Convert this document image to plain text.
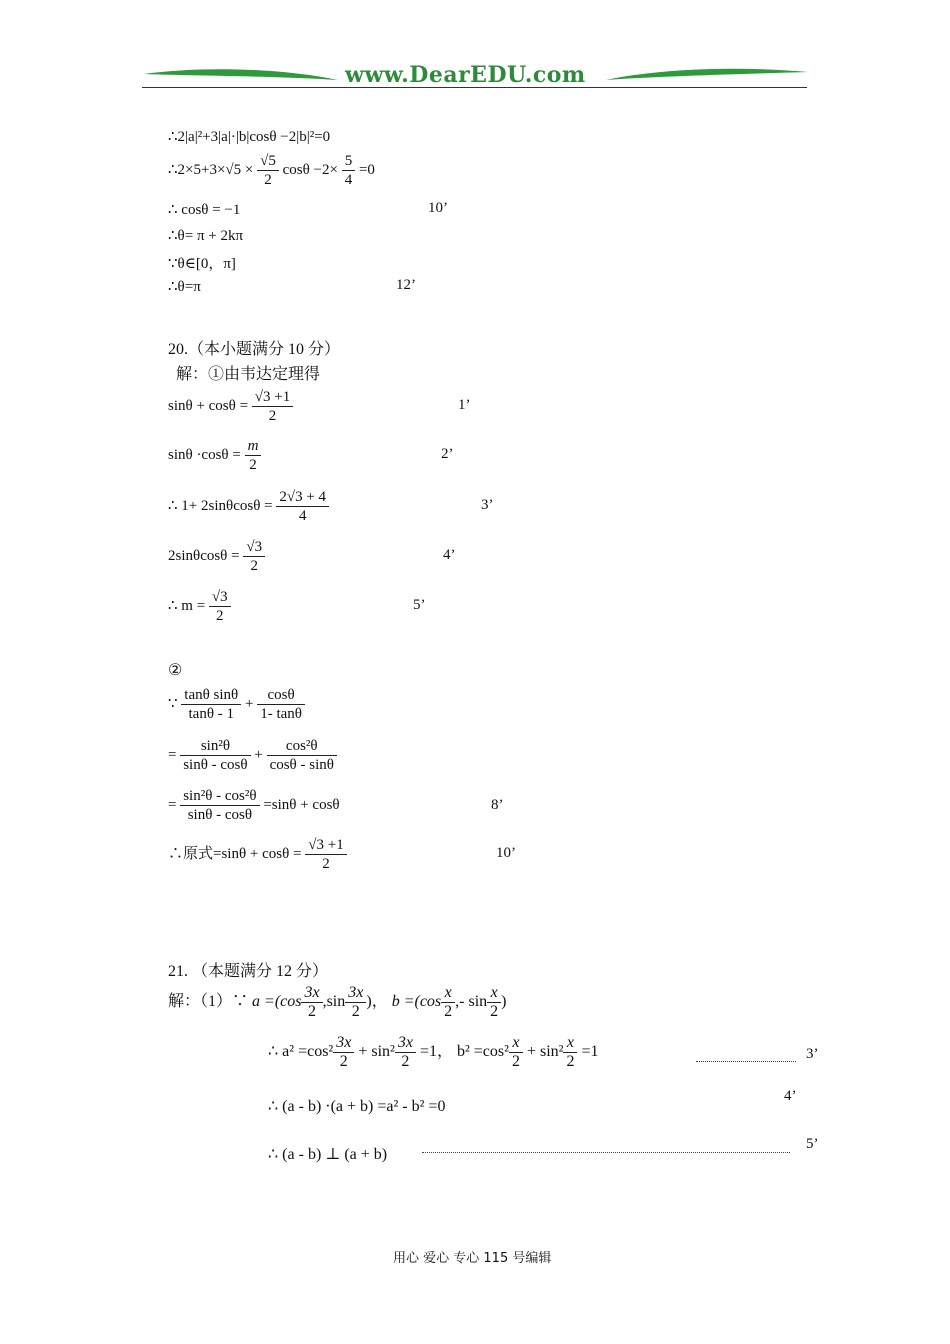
www.DearEDU.com
∴2|a|²+3|a|·|b|cosθ −2|b|²=0
∴2×5+3×√5 × $\frac{√5}{2}$ $\cos\theta -2\times \frac{5}{4} =0$
∴ cosθ = −1	10’
∴θ= π + 2kπ
∵θ∈[0，π]
∴θ=π	12’
20.（本小题满分 10 分）
解：①由韦达定理得
$\sin\theta + \cos\theta = \frac{√3 +1}{2}$	1’
$\sin\theta \cdot\cos\theta = \frac{m}{2}$	2’
∴ $1+ 2\sin\theta\cos\theta = \frac{2√3 + 4}{4}$	3’
$2\sin\theta\cos\theta = \frac{√3}{2}$	4’
∴ $m = \frac{√3}{2}$	5’
②
∵ $\frac{\text{tanθ sinθ}}{\tan\theta - 1} + \frac{\cos\theta}{1- \tan\theta}$
= $\frac{\text{sin²θ}}{\sin\theta - \cos\theta} + \frac{\text{cos²θ}}{\cos\theta - \sin\theta}$
= $\frac{\text{sin²θ - cos²θ}}{\sin\theta - \cos\theta} =\sin\theta + \cos\theta$	8’
∴原式$=\sin\theta + \cos\theta = \frac{√3 +1}{2}$	10’
21. （本题满分 12 分）
解：（1）∵ $a =(\cos \frac{3x}{2} ,\sin \frac{3x}{2}$ )， $b =(\cos \frac{x}{2}$ ,- $\sin \frac{x}{2}$ )
∴ $a^2 =\cos^2 \frac{3x}{2} + \sin^2 \frac{3x}{2} =1$， $b^2 =\cos^2 \frac{x}{2} + \sin^2 \frac{x}{2} =1$	3’
∴ (a - b) ·(a + b) =a² - b² =0
4’
∴ (a - b) ⊥ (a + b)
5’
用心 爱心 专心 115 号编辑
